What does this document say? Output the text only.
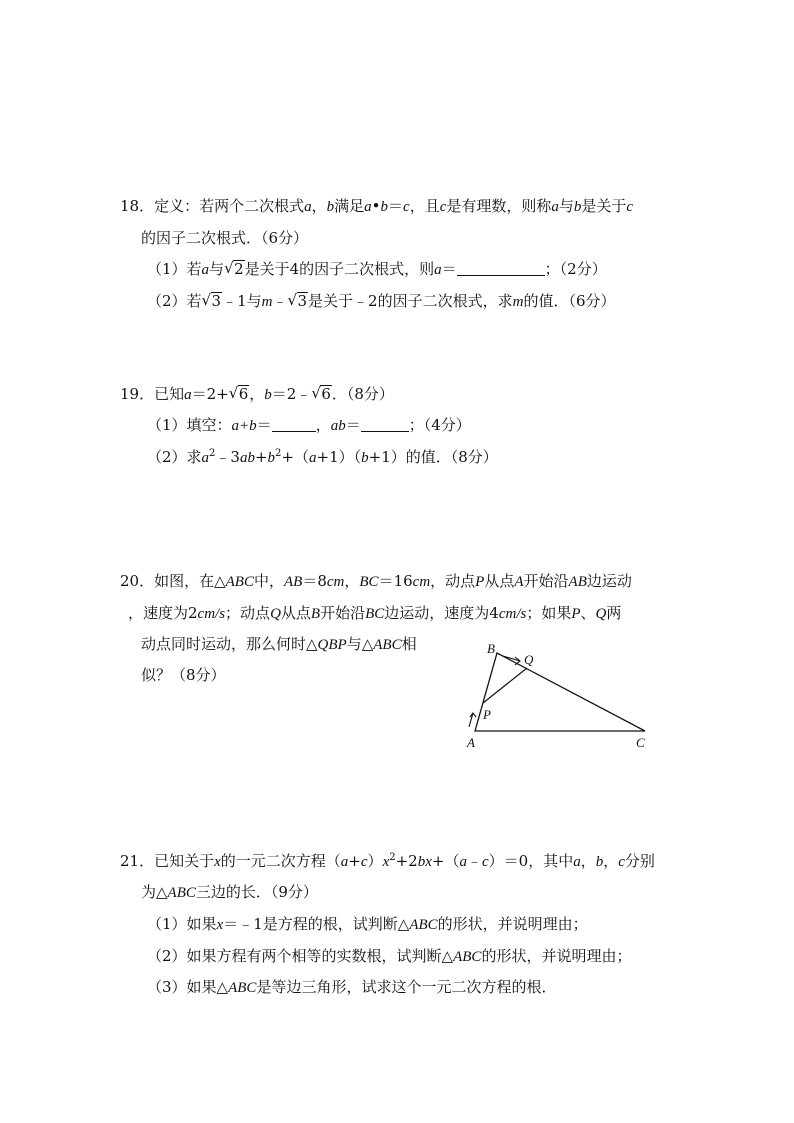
18．定义：若两个二次根式a，b满足a•b＝c，且c是有理数，则称a与b是关于c
的因子二次根式．（6分）
（1）若a与 √ 2是关于4的因子二次根式，则a＝	；（2分）
（2）若 √ 3﹣1与m﹣ √ 3是关于﹣2的因子二次根式，求m的值．（6分）
19．已知a＝2+ √ 6，b＝2﹣ √ 6．（8分）
（1）填空：a+b＝	，ab＝	；（4分）
（2）求$a^2﹣3ab+b^2+(a+1)(b+1)$的值．（8分）
20．如图，在△ABC中，AB＝8cm，BC＝16cm，动点P从点A开始沿AB边运动
，速度为2cm/s；动点Q从点B开始沿BC边运动，速度为4cm/s；如果P、Q两
动点同时运动，那么何时△QBP与△ABC相
似？（8分）
B
Q
P
A	C
21．已知关于x的一元二次方程$(a+c)x^2+2bx+(a﹣c)=0$，其中a，b，c分别
为△ABC三边的长．（9分）
（1）如果x＝﹣1是方程的根，试判断△ABC的形状，并说明理由；
（2）如果方程有两个相等的实数根，试判断△ABC的形状，并说明理由；
（3）如果△ABC是等边三角形，试求这个一元二次方程的根．
